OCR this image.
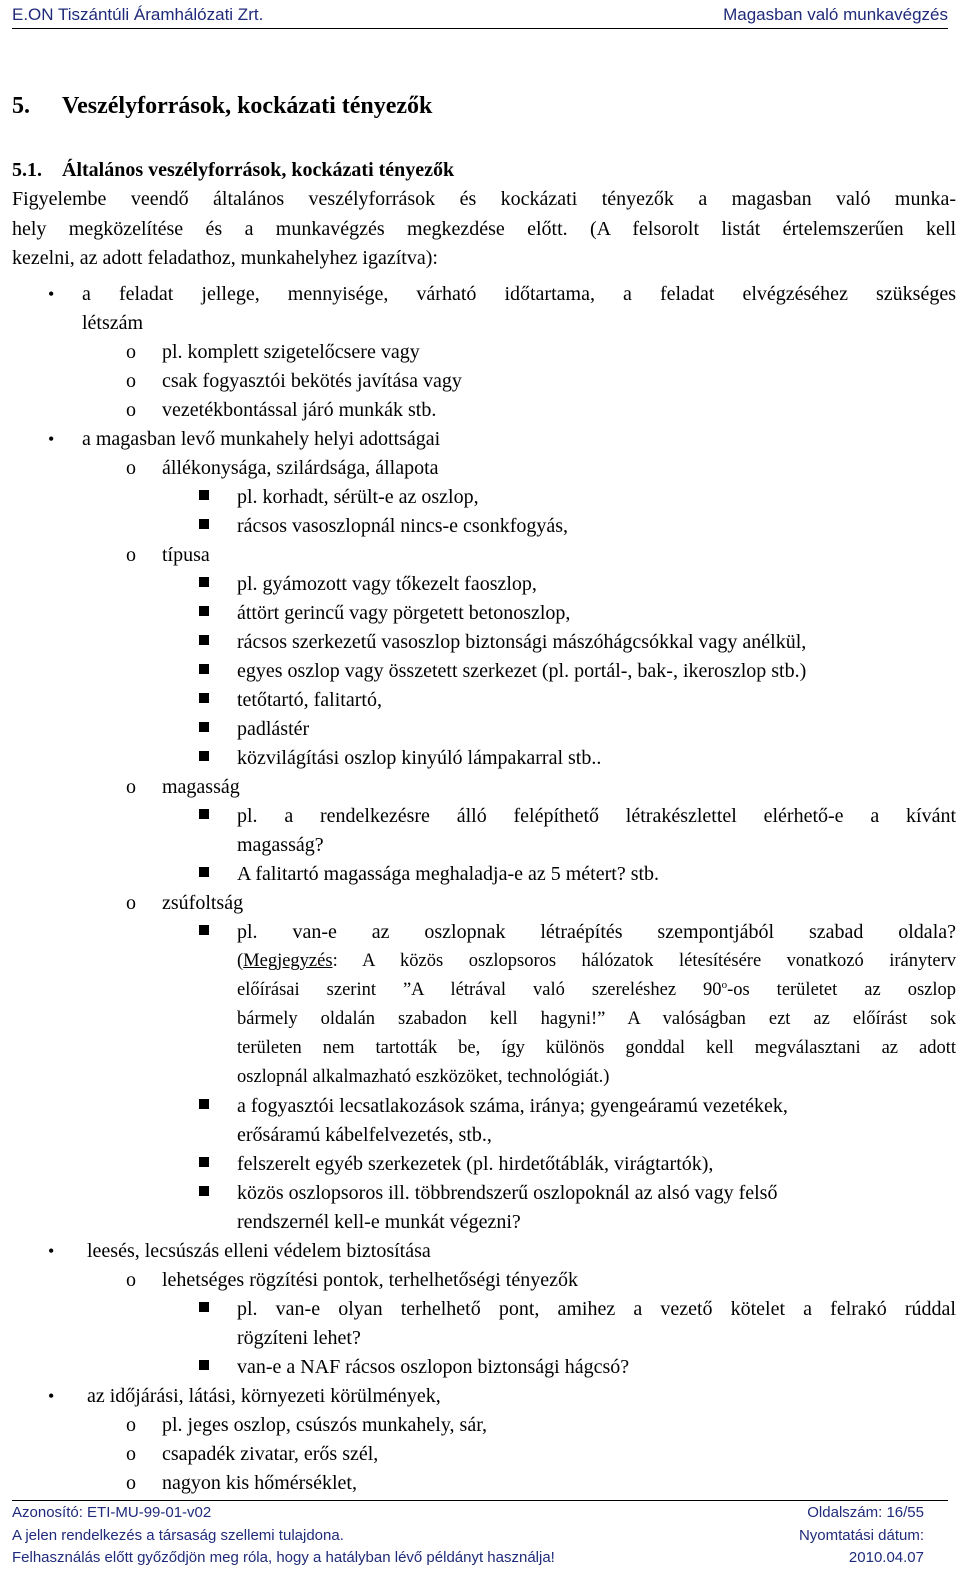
E.ON Tiszántúli Áramhálózati Zrt.	Magasban való munkavégzés
5. Veszélyforrások, kockázati tényezők
5.1. Általános veszélyforrások, kockázati tényezők
Figyelembe veendő általános veszélyforrások és kockázati tényezők a magasban való munka-
hely megközelítése és a munkavégzés megkezdése előtt. (A felsorolt listát értelemszerűen kell
kezelni, az adott feladathoz, munkahelyhez igazítva):
• a feladat jellege, mennyisége, várható időtartama, a feladat elvégzéséhez szükséges
létszám
o pl. komplett szigetelőcsere vagy
o csak fogyasztói bekötés javítása vagy
o vezetékbontással járó munkák stb.
• a magasban levő munkahely helyi adottságai
o állékonysága, szilárdsága, állapota
pl. korhadt, sérült-e az oszlop,
rácsos vasoszlopnál nincs-e csonkfogyás,
o típusa
pl. gyámozott vagy tőkezelt faoszlop,
áttört gerincű vagy pörgetett betonoszlop,
rácsos szerkezetű vasoszlop biztonsági mászóhágcsókkal vagy anélkül,
egyes oszlop vagy összetett szerkezet (pl. portál-, bak-, ikeroszlop stb.)
tetőtartó, falitartó,
padlástér
közvilágítási oszlop kinyúló lámpakarral stb..
o magasság
pl. a rendelkezésre álló felépíthető létrakészlettel elérhető-e a kívánt
magasság?
A falitartó magassága meghaladja-e az 5 métert? stb.
o zsúfoltság
pl. van-e az oszlopnak létraépítés szempontjából szabad oldala?
(Megjegyzés: A közös oszlopsoros hálózatok létesítésére vonatkozó irányterv
előírásai szerint ”A létrával való szereléshez 90$^o$-os területet az oszlop
bármely oldalán szabadon kell hagyni!” A valóságban ezt az előírást sok
területen nem tartották be, így különös gonddal kell megválasztani az adott
oszlopnál alkalmazható eszközöket, technológiát.)
a fogyasztói lecsatlakozások száma, iránya; gyengeáramú vezetékek,
erősáramú kábelfelvezetés, stb.,
felszerelt egyéb szerkezetek (pl. hirdetőtáblák, virágtartók),
közös oszlopsoros ill. többrendszerű oszlopoknál az alsó vagy felső
rendszernél kell-e munkát végezni?
• leesés, lecsúszás elleni védelem biztosítása
o lehetséges rögzítési pontok, terhelhetőségi tényezők
pl. van-e olyan terhelhető pont, amihez a vezető kötelet a felrakó rúddal
rögzíteni lehet?
van-e a NAF rácsos oszlopon biztonsági hágcsó?
• az időjárási, látási, környezeti körülmények,
o pl. jeges oszlop, csúszós munkahely, sár,
o csapadék zivatar, erős szél,
o nagyon kis hőmérséklet,
Azonosító: ETI-MU-99-01-v02	Oldalszám: 16/55
A jelen rendelkezés a társaság szellemi tulajdona.	Nyomtatási dátum:
Felhasználás előtt győződjön meg róla, hogy a hatályban lévő példányt használja!	2010.04.07
